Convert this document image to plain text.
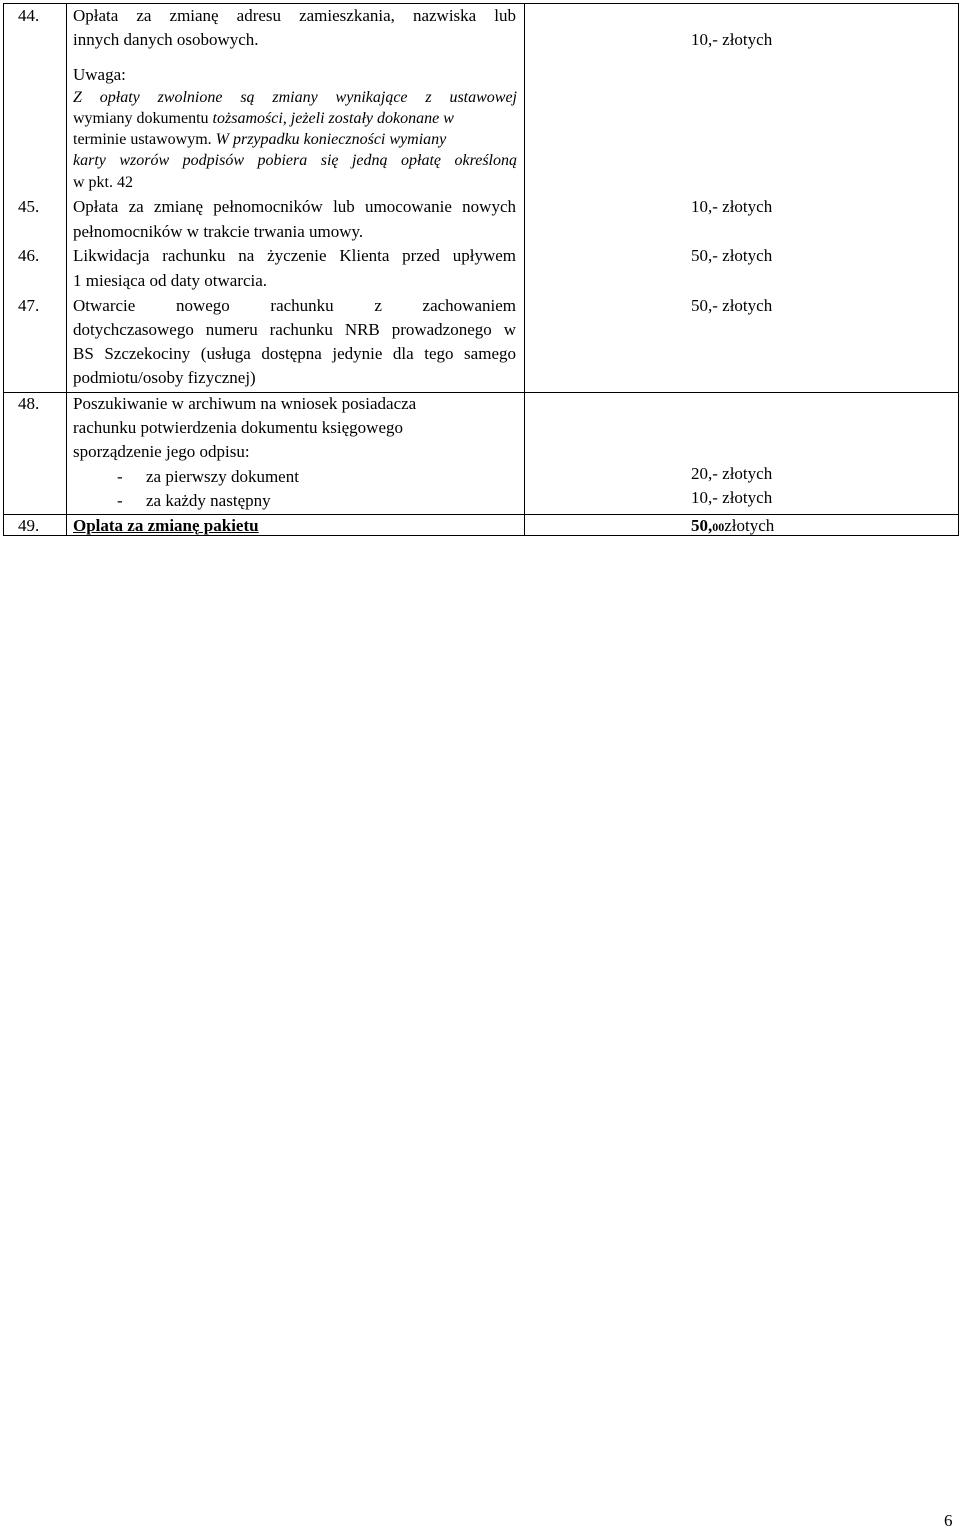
44. Opłata za zmianę adresu zamieszkania, nazwiska lub
innych danych osobowych.	10,- złotych
Uwaga:
Z opłaty zwolnione są zmiany wynikające z ustawowej
wymiany dokumentu tożsamości, jeżeli zostały dokonane w
terminie ustawowym. W przypadku konieczności wymiany
karty wzorów podpisów pobiera się jedną opłatę określoną
w pkt. 42
45. Opłata za zmianę pełnomocników lub umocowanie nowych
pełnomocników w trakcie trwania umowy.
10,- złotych
46. Likwidacja rachunku na życzenie Klienta przed upływem
1 miesiąca od daty otwarcia.
50,- złotych
47. Otwarcie nowego rachunku z zachowaniem
dotychczasowego numeru rachunku NRB prowadzonego w
BS Szczekociny (usługa dostępna jedynie dla tego samego
podmiotu/osoby fizycznej)
50,- złotych
48. Poszukiwanie w archiwum na wniosek posiadacza
rachunku potwierdzenia dokumentu księgowego
sporządzenie jego odpisu:
- za pierwszy dokument	20,- złotych
- za każdy następny	10,- złotych
49. Oplata za zmianę pakietu	50,00złotych
6
